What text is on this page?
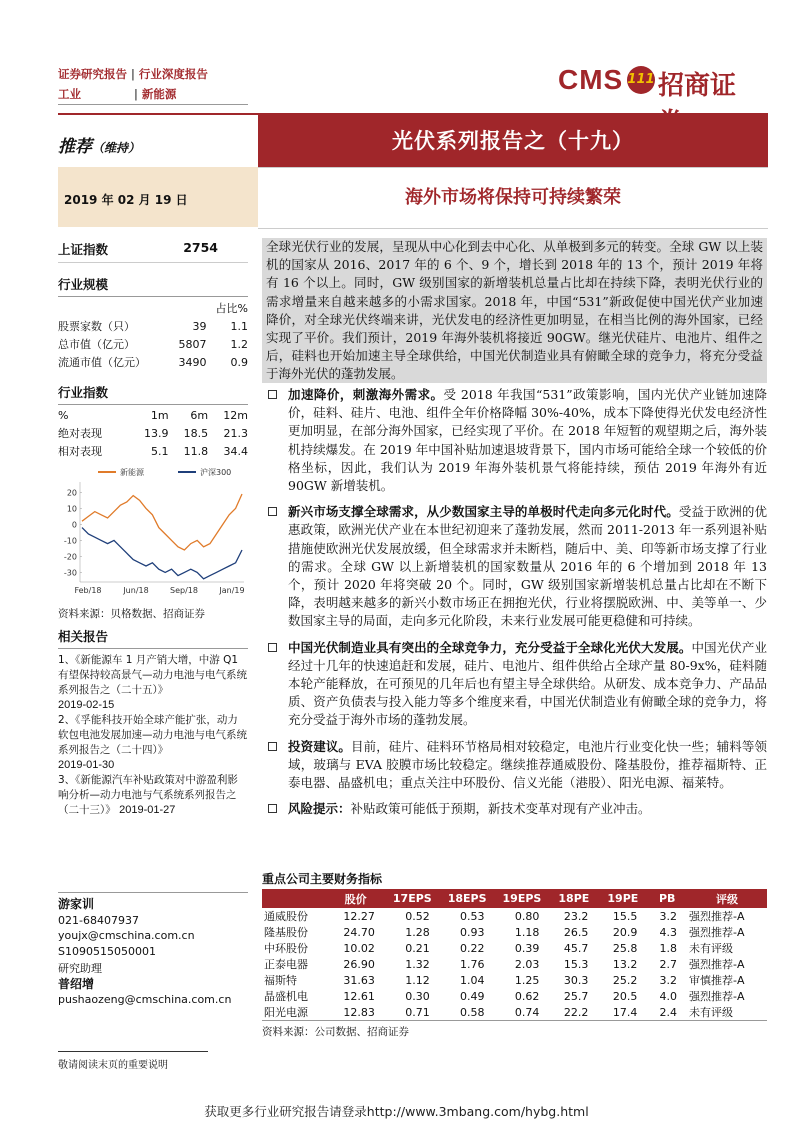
证券研究报告 | 行业深度报告
工业	| 新能源	CMS 111 招商证
推荐（维持）	光伏系列报告之（十九）
2019 年 02 月 19 日	海外市场将保持可持续繁荣
上证指数	2754
行业规模
		占比%
股票家数（只）	39	1.1
总市值（亿元）	5807	1.2
流通市值（亿元）	3490	0.9
行业指数
%	1m	6m	12m
绝对表现	13.9	18.5	21.3
相对表现	5.1	11.8	34.4
新能源	沪深300
20
10
0
-10
-20
-30
Feb/18	Jun/18	Sep/18	Jan/19
资料来源：贝格数据、招商证券
相关报告
1、《新能源车 1 月产销大增，中游 Q1 有望保持较高景气—动力电池与电气系统系列报告之（二十五）》
2019-02-15
2、《孚能科技开始全球产能扩张，动力软包电池发展加速—动力电池与电气系统系列报告之（二十四）》
2019-01-30
3、《新能源汽车补贴政策对中游盈利影响分析—动力电池与气系统系列报告之（二十三）》 2019-01-27
游家训
021-68407937
youjx@cmschina.com.cn
S1090515050001
研究助理
普绍增
pushaozeng@cmschina.com.cn
全球光伏行业的发展，呈现从中心化到去中心化、从单极到多元的转变。全球 GW 以上装机的国家从 2016、2017 年的 6 个、9 个，增长到 2018 年的 13 个，预计 2019 年将有 16 个以上。同时，GW 级别国家的新增装机总量占比却在持续下降，表明光伏行业的需求增量来自越来越多的小需求国家。2018 年，中国“531”新政促使中国光伏产业加速降价，对全球光伏终端来讲，光伏发电的经济性更加明显，在相当比例的海外国家，已经实现了平价。我们预计，2019 年海外装机将接近 90GW。继光伏硅片、电池片、组件之后，硅料也开始加速主导全球供给，中国光伏制造业具有俯瞰全球的竞争力，将充分受益于海外光伏的蓬勃发展。
加速降价，刺激海外需求。受 2018 年我国“531”政策影响，国内光伏产业链加速降价，硅料、硅片、电池、组件全年价格降幅 30%-40%，成本下降使得光伏发电经济性更加明显，在部分海外国家，已经实现了平价。在 2018 年短暂的观望期之后，海外装机持续爆发。在 2019 年中国补贴加速退坡背景下，国内市场可能给全球一个较低的价格坐标，因此，我们认为 2019 年海外装机景气将能持续，预估 2019 年海外有近 90GW 新增装机。
新兴市场支撑全球需求，从少数国家主导的单极时代走向多元化时代。受益于欧洲的优惠政策，欧洲光伏产业在本世纪初迎来了蓬勃发展，然而 2011-2013 年一系列退补贴措施使欧洲光伏发展放缓，但全球需求并未断档，随后中、美、印等新市场支撑了行业的需求。全球 GW 以上新增装机的国家数量从 2016 年的 6 个增加到 2018 年 13 个，预计 2020 年将突破 20 个。同时，GW 级别国家新增装机总量占比却在不断下降，表明越来越多的新兴小数市场正在拥抱光伏，行业将摆脱欧洲、中、美等单一、少数国家主导的局面，走向多元化阶段，未来行业发展可能更稳健和可持续。
中国光伏制造业具有突出的全球竞争力，充分受益于全球化光伏大发展。中国光伏产业经过十几年的快速追赶和发展，硅片、电池片、组件供给占全球产量 80-9x%，硅料随本轮产能释放，在可预见的几年后也有望主导全球供给。从研发、成本竞争力、产品品质、资产负债表与投入能力等多个维度来看，中国光伏制造业有俯瞰全球的竞争力，将充分受益于海外市场的蓬勃发展。
投资建议。目前，硅片、硅料环节格局相对较稳定，电池片行业变化快一些；辅料等领域，玻璃与 EVA 胶膜市场比较稳定。继续推荐通威股份、隆基股份，推荐福斯特、正泰电器、晶盛机电；重点关注中环股份、信义光能（港股）、阳光电源、福莱特。
风险提示：补贴政策可能低于预期，新技术变革对现有产业冲击。
重点公司主要财务指标
	股价	17EPS	18EPS	19EPS	18PE	19PE	PB	评级
通威股份	12.27	0.52	0.53	0.80	23.2	15.5	3.2	强烈推荐-A
隆基股份	24.70	1.28	0.93	1.18	26.5	20.9	4.3	强烈推荐-A
中环股份	10.02	0.21	0.22	0.39	45.7	25.8	1.8	未有评级
正泰电器	26.90	1.32	1.76	2.03	15.3	13.2	2.7	强烈推荐-A
福斯特	31.63	1.12	1.04	1.25	30.3	25.2	3.2	审慎推荐-A
晶盛机电	12.61	0.30	0.49	0.62	25.7	20.5	4.0	强烈推荐-A
阳光电源	12.83	0.71	0.58	0.74	22.2	17.4	2.4	未有评级
资料来源：公司数据、招商证券
敬请阅读末页的重要说明
获取更多行业研究报告请登录http://www.3mbang.com/hybg.html
